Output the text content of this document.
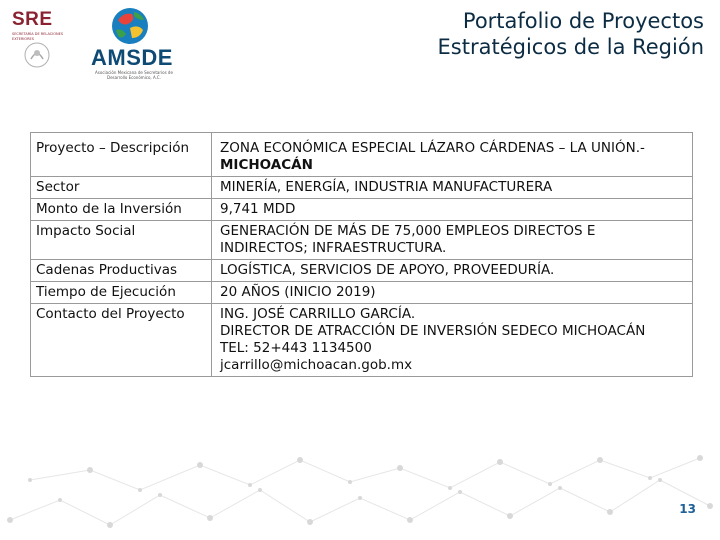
SRE
SECRETARÍA DE RELACIONES EXTERIORES
AMSDE
Asociación Mexicana de Secretarios de Desarrollo Económico, A.C.
Portafolio de Proyectos
Estratégicos de la Región
Proyecto – Descripción	ZONA ECONÓMICA ESPECIAL LÁZARO CÁRDENAS – LA UNIÓN.- MICHOACÁN
Sector	MINERÍA, ENERGÍA, INDUSTRIA MANUFACTURERA
Monto de la Inversión	9,741 MDD
Impacto Social	GENERACIÓN DE MÁS DE 75,000 EMPLEOS DIRECTOS E INDIRECTOS; INFRAESTRUCTURA.
Cadenas Productivas	LOGÍSTICA, SERVICIOS DE APOYO, PROVEEDURÍA.
Tiempo de Ejecución	20 AÑOS (INICIO 2019)
Contacto del Proyecto	ING. JOSÉ CARRILLO GARCÍA.
DIRECTOR DE ATRACCIÓN DE INVERSIÓN SEDECO MICHOACÁN
TEL: 52+443 1134500
jcarrillo@michoacan.gob.mx
13
